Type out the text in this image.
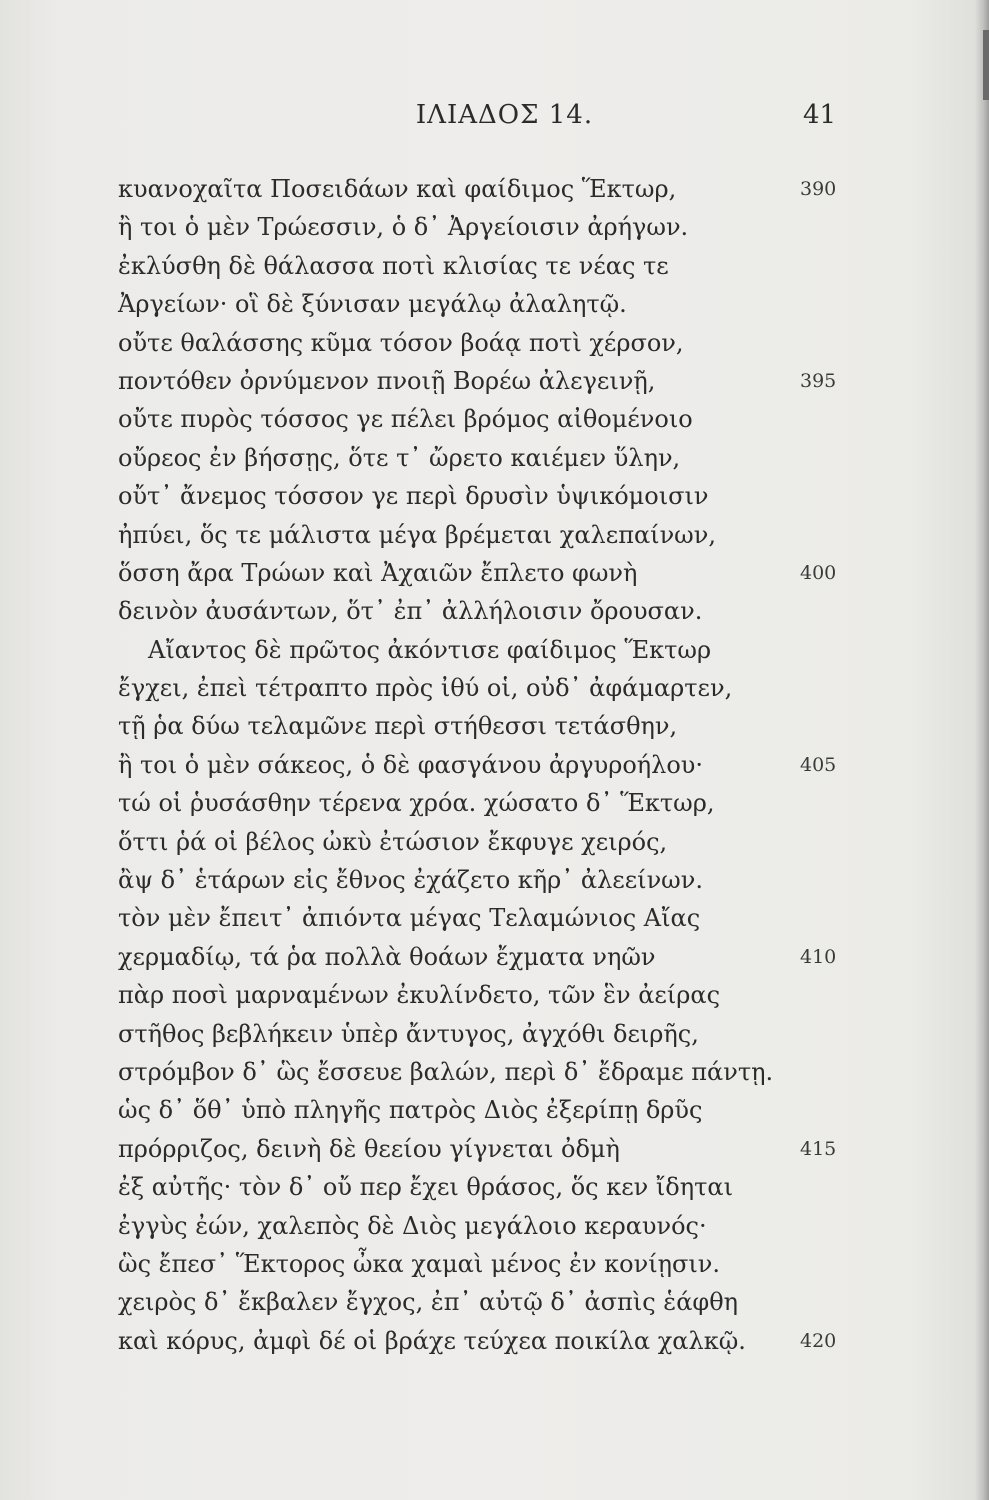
ΙΛΙΑΔΟΣ 14.	41
κυανοχαῖτα Ποσειδάων καὶ φαίδιμος Ἕκτωρ,	390
ἢ τοι ὁ μὲν Τρώεσσιν, ὁ δ᾽ Ἀργείοισιν ἀρήγων.
ἐκλύσθη δὲ θάλασσα ποτὶ κλισίας τε νέας τε
Ἀργείων· οἳ δὲ ξύνισαν μεγάλῳ ἀλαλητῷ.
οὔτε θαλάσσης κῦμα τόσον βοάᾳ ποτὶ χέρσον,
ποντόθεν ὀρνύμενον πνοιῇ Βορέω ἀλεγεινῇ,	395
οὔτε πυρὸς τόσσος γε πέλει βρόμος αἰθομένοιο
οὔρεος ἐν βήσσῃς, ὅτε τ᾽ ὤρετο καιέμεν ὕλην,
οὔτ᾽ ἄνεμος τόσσον γε περὶ δρυσὶν ὑψικόμοισιν
ἠπύει, ὅς τε μάλιστα μέγα βρέμεται χαλεπαίνων,
ὅσση ἄρα Τρώων καὶ Ἀχαιῶν ἔπλετο φωνὴ	400
δεινὸν ἀυσάντων, ὅτ᾽ ἐπ᾽ ἀλλήλοισιν ὄρουσαν.
Αἴαντος δὲ πρῶτος ἀκόντισε φαίδιμος Ἕκτωρ
ἔγχει, ἐπεὶ τέτραπτο πρὸς ἰθύ οἱ, οὐδ᾽ ἀφάμαρτεν,
τῇ ῥα δύω τελαμῶνε περὶ στήθεσσι τετάσθην,
ἢ τοι ὁ μὲν σάκεος, ὁ δὲ φασγάνου ἀργυροήλου·	405
τώ οἱ ῥυσάσθην τέρενα χρόα. χώσατο δ᾽ Ἕκτωρ,
ὅττι ῥά οἱ βέλος ὠκὺ ἐτώσιον ἔκφυγε χειρός,
ἂψ δ᾽ ἑτάρων εἰς ἔθνος ἐχάζετο κῆρ᾽ ἀλεείνων.
τὸν μὲν ἔπειτ᾽ ἀπιόντα μέγας Τελαμώνιος Αἴας
χερμαδίῳ, τά ῥα πολλὰ θοάων ἔχματα νηῶν	410
πὰρ ποσὶ μαρναμένων ἐκυλίνδετο, τῶν ἓν ἀείρας
στῆθος βεβλήκειν ὑπὲρ ἄντυγος, ἀγχόθι δειρῆς,
στρόμβον δ᾽ ὣς ἔσσευε βαλών, περὶ δ᾽ ἔδραμε πάντῃ.
ὡς δ᾽ ὅθ᾽ ὑπὸ πληγῆς πατρὸς Διὸς ἐξερίπῃ δρῦς
πρόρριζος, δεινὴ δὲ θεείου γίγνεται ὀδμὴ	415
ἐξ αὐτῆς· τὸν δ᾽ οὔ περ ἔχει θράσος, ὅς κεν ἴδηται
ἐγγὺς ἐών, χαλεπὸς δὲ Διὸς μεγάλοιο κεραυνός·
ὣς ἔπεσ᾽ Ἕκτορος ὦκα χαμαὶ μένος ἐν κονίῃσιν.
χειρὸς δ᾽ ἔκβαλεν ἔγχος, ἐπ᾽ αὐτῷ δ᾽ ἀσπὶς ἑάφθη
καὶ κόρυς, ἀμφὶ δέ οἱ βράχε τεύχεα ποικίλα χαλκῷ.	420
